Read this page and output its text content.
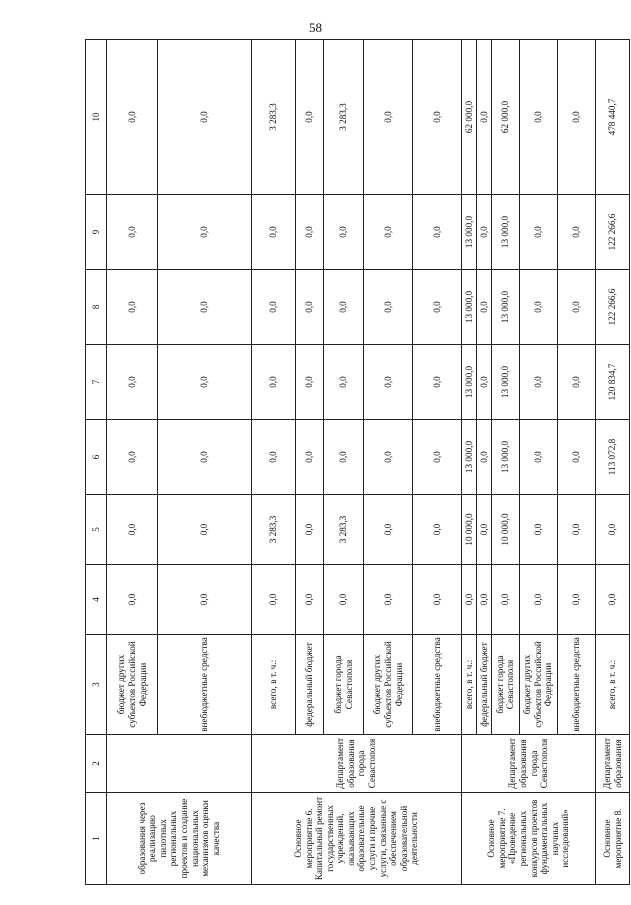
58
1	2	3	4	5	6	7	8	9	10
образования через реализацию пилотных региональных проектов и создание национальных механизмов оценки качества		бюджет других субъектов Российской Федерации	0,0	0,0	0,0	0,0	0,0	0,0	0,0
		внебюджетные средства	0,0	0,0	0,0	0,0	0,0	0,0	0,0
Основное мероприятие 6. Капитальный ремонт государственных учреждений, оказывающих образовательные услуги и прочие услуги, связанные с обеспечением образовательной деятельности	Департамент образования города Севастополя	всего, в т. ч.:	0,0	3 283,3	0,0	0,0	0,0	0,0	3 283,3
		федеральный бюджет	0,0	0,0	0,0	0,0	0,0	0,0	0,0
		бюджет города Севастополя	0,0	3 283,3	0,0	0,0	0,0	0,0	3 283,3
		бюджет других субъектов Российской Федерации	0,0	0,0	0,0	0,0	0,0	0,0	0,0
		внебюджетные средства	0,0	0,0	0,0	0,0	0,0	0,0	0,0
Основное мероприятие 7. «Проведение региональных конкурсов проектов фундаментальных научных исследований»	Департамент образования города Севастополя	всего, в т. ч.:	0,0	10 000,0	13 000,0	13 000,0	13 000,0	13 000,0	62 000,0
		федеральный бюджет	0,0	0,0	0,0	0,0	0,0	0,0	0,0
		бюджет города Севастополя	0,0	10 000,0	13 000,0	13 000,0	13 000,0	13 000,0	62 000,0
		бюджет других субъектов Российской Федерации	0,0	0,0	0,0	0,0	0,0	0,0	0,0
		внебюджетные средства	0,0	0,0	0,0	0,0	0,0	0,0	0,0
Основное мероприятие 8.	Департамент образования	всего, в т. ч.:	0,0	0,0	113 072,8	120 834,7	122 266,6	122 266,6	478 440,7
